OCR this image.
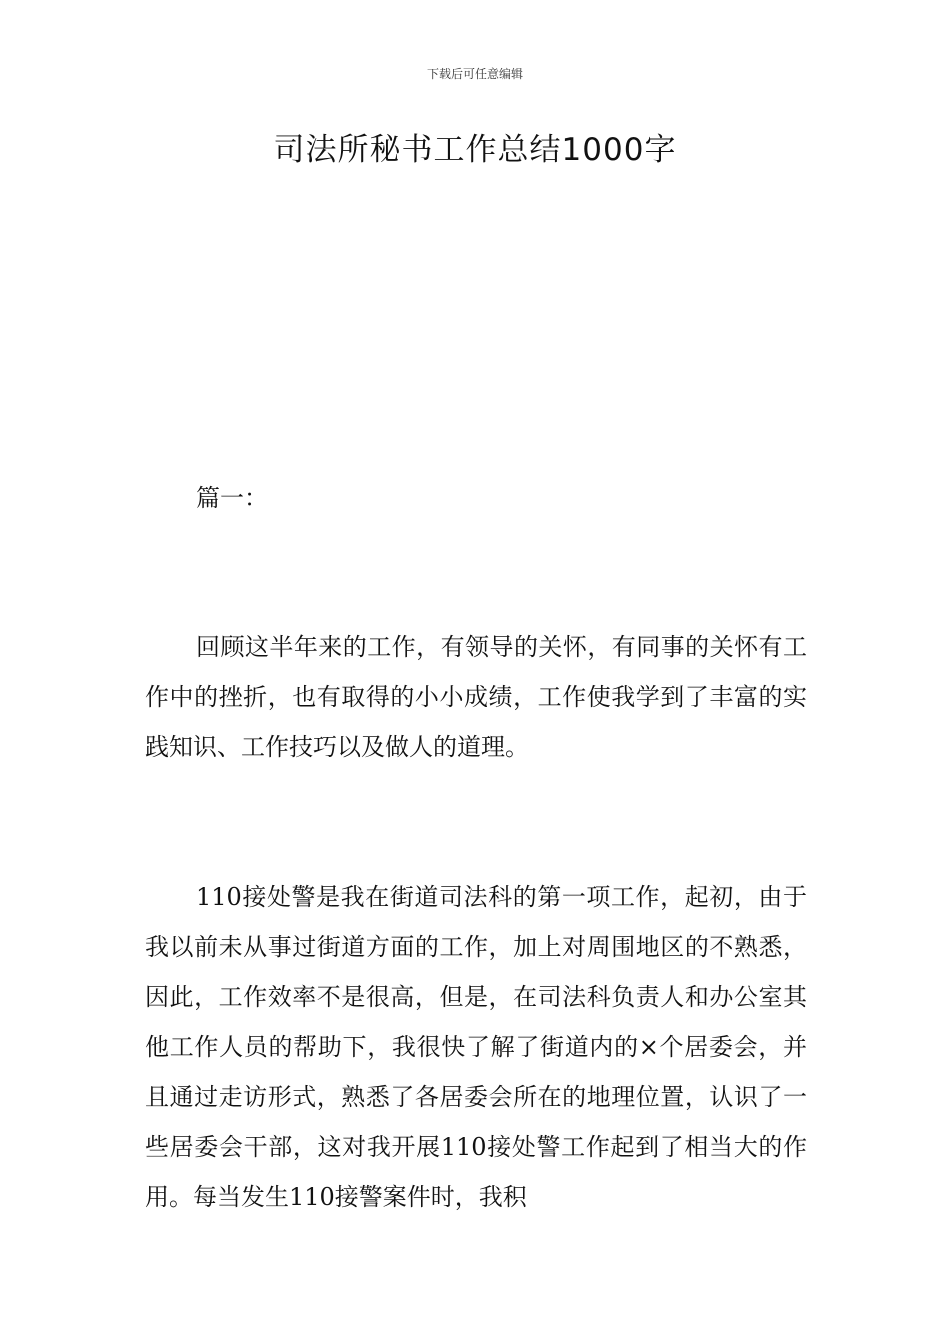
下载后可任意编辑
司法所秘书工作总结1000字
篇一：

回顾这半年来的工作，有领导的关怀，有同事的关怀有工作中的挫折，也有取得的小小成绩，工作使我学到了丰富的实践知识、工作技巧以及做人的道理。

110接处警是我在街道司法科的第一项工作，起初，由于我以前未从事过街道方面的工作，加上对周围地区的不熟悉，因此，工作效率不是很高，但是，在司法科负责人和办公室其他工作人员的帮助下，我很快了解了街道内的×个居委会，并且通过走访形式，熟悉了各居委会所在的地理位置，认识了一些居委会干部，这对我开展110接处警工作起到了相当大的作用。每当发生110接警案件时，我积
